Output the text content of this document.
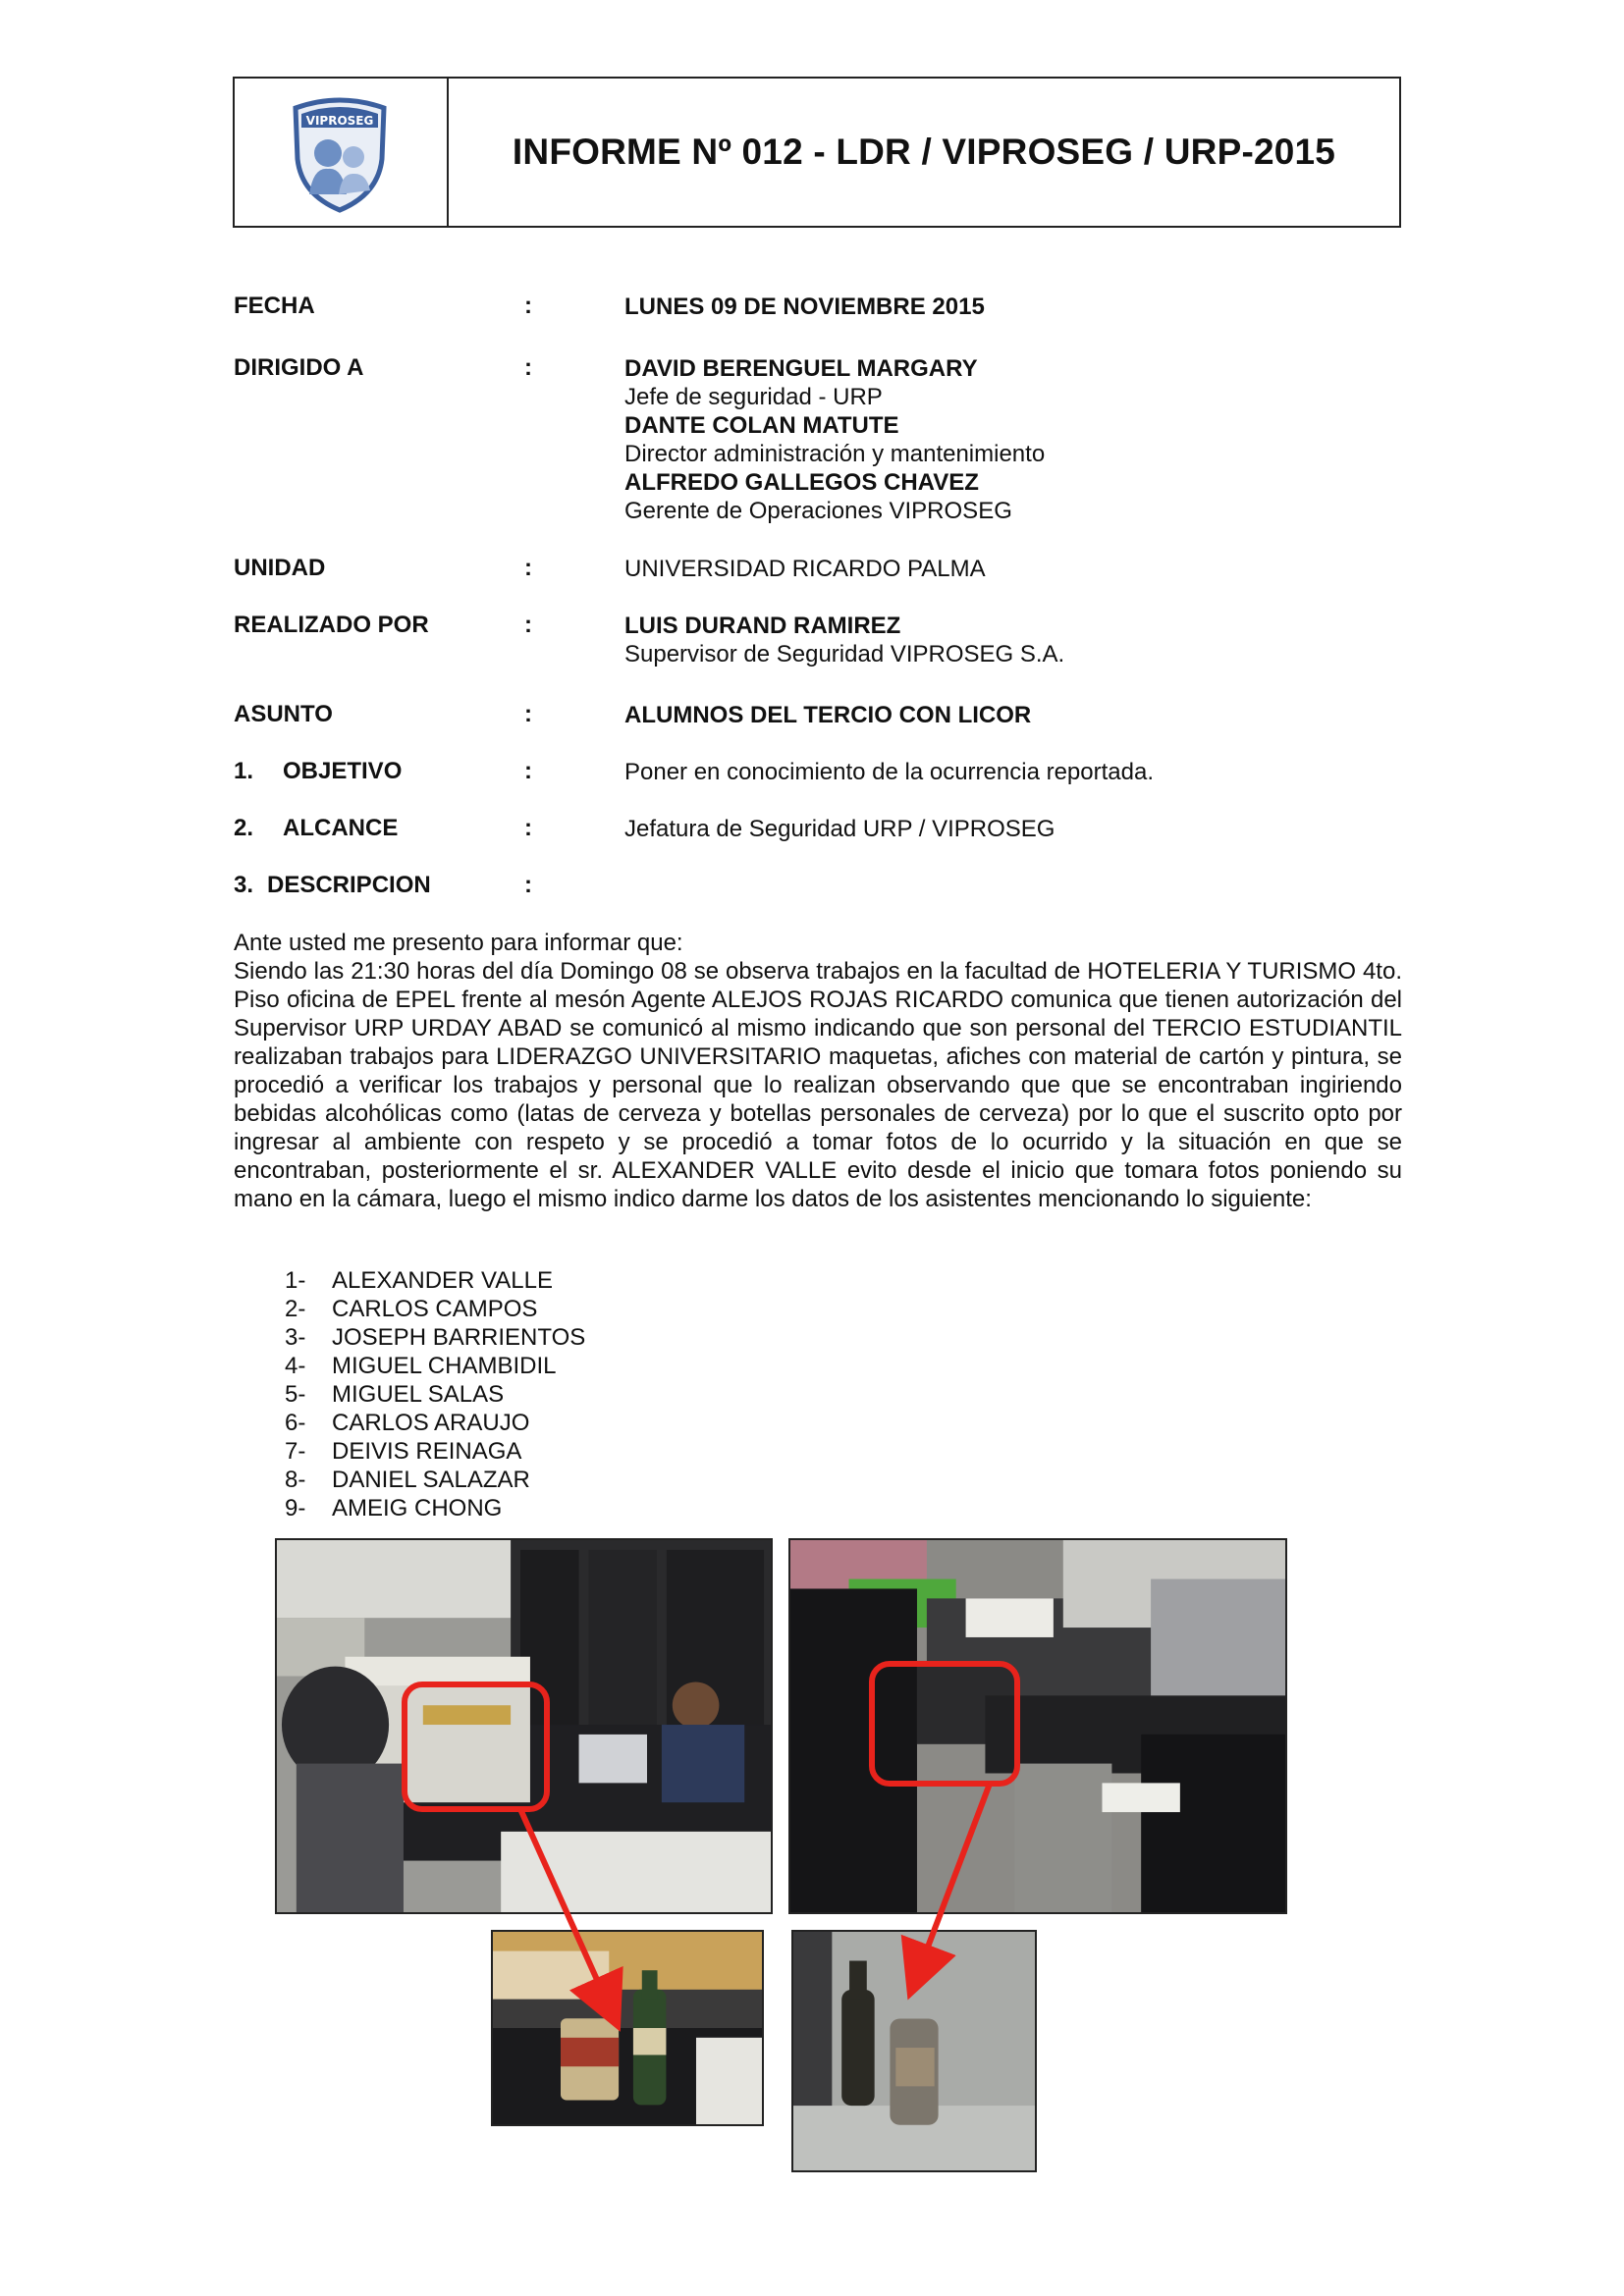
VIPROSEG
INFORME Nº 012 - LDR / VIPROSEG / URP-2015
FECHA	:	LUNES 09 DE NOVIEMBRE 2015
DIRIGIDO A	:	DAVID BERENGUEL MARGARY
Jefe de seguridad - URP
DANTE COLAN MATUTE
Director administración y mantenimiento
ALFREDO GALLEGOS CHAVEZ
Gerente de Operaciones VIPROSEG
UNIDAD	:	UNIVERSIDAD RICARDO PALMA
REALIZADO POR	:	LUIS DURAND RAMIREZ
Supervisor de Seguridad VIPROSEG S.A.
ASUNTO	:	ALUMNOS DEL TERCIO CON LICOR
1. OBJETIVO	:	Poner en conocimiento de la ocurrencia reportada.
2. ALCANCE	:	Jefatura de Seguridad URP / VIPROSEG
3. DESCRIPCION	:

Ante usted me presento para informar que:

Siendo las 21:30 horas del día Domingo 08 se observa trabajos en la facultad de HOTELERIA Y TURISMO 4to. Piso oficina de EPEL frente al mesón Agente ALEJOS ROJAS RICARDO comunica que tienen autorización del Supervisor URP URDAY ABAD se comunicó al mismo indicando que son personal del TERCIO ESTUDIANTIL realizaban trabajos para LIDERAZGO UNIVERSITARIO maquetas, afiches con material de cartón y pintura, se procedió a verificar los trabajos y personal que lo realizan observando que que se encontraban ingiriendo bebidas alcohólicas como (latas de cerveza y botellas personales de cerveza) por lo que el suscrito opto por ingresar al ambiente con respeto y se procedió a tomar fotos de lo ocurrido y la situación en que se encontraban, posteriormente el sr. ALEXANDER VALLE evito desde el inicio que tomara fotos poniendo su mano en la cámara, luego el mismo indico darme los datos de los asistentes mencionando lo siguiente:

1-	ALEXANDER VALLE
2-	CARLOS CAMPOS
3-	JOSEPH BARRIENTOS
4-	MIGUEL CHAMBIDIL
5-	MIGUEL SALAS
6-	CARLOS ARAUJO
7-	DEIVIS REINAGA
8-	DANIEL SALAZAR
9-	AMEIG CHONG
